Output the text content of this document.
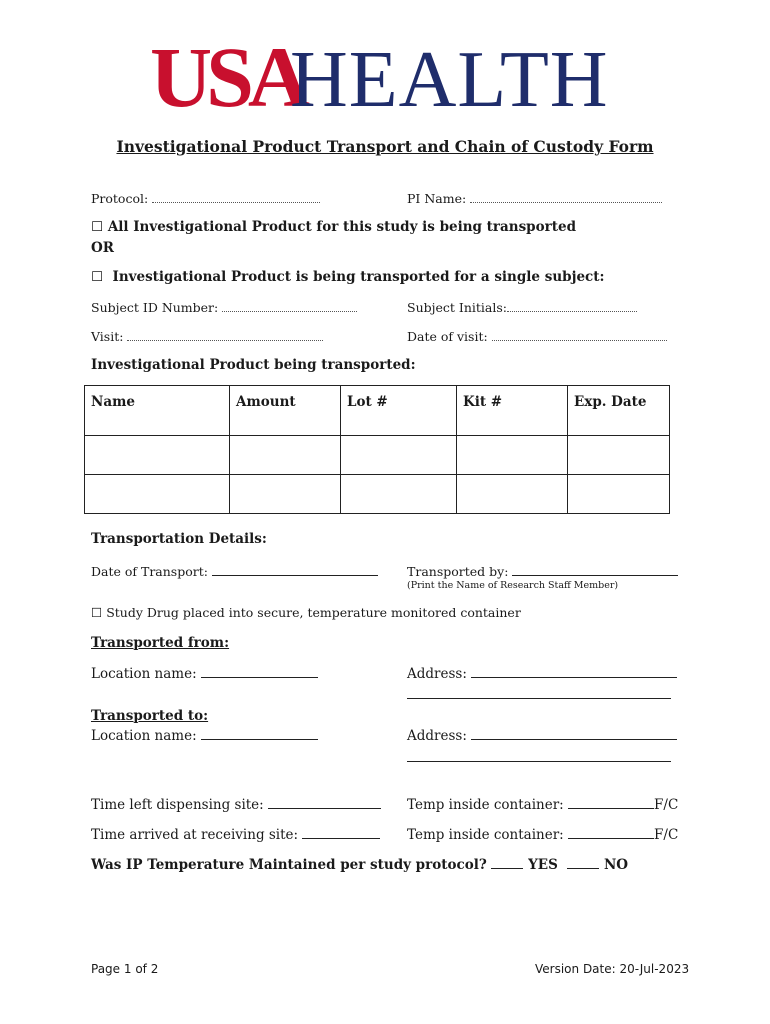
USA
HEALTH
Investigational Product Transport and Chain of Custody Form
Protocol:	PI Name:
☐ All Investigational Product for this study is being transported
OR
☐ Investigational Product is being transported for a single subject:
Subject ID Number:	Subject Initials:
Visit:	Date of visit:
Investigational Product being transported:
Name	Amount	Lot #	Kit #	Exp. Date

Transportation Details:
Date of Transport:	Transported by:
(Print the Name of Research Staff Member)
☐ Study Drug placed into secure, temperature monitored container
Transported from:
Location name:	Address:
Transported to:
Location name:	Address:
Time left dispensing site:	Temp inside container:	F/C
Time arrived at receiving site:	Temp inside container:	F/C
Was IP Temperature Maintained per study protocol?	YES	NO
Page 1 of 2	Version Date: 20-Jul-2023
